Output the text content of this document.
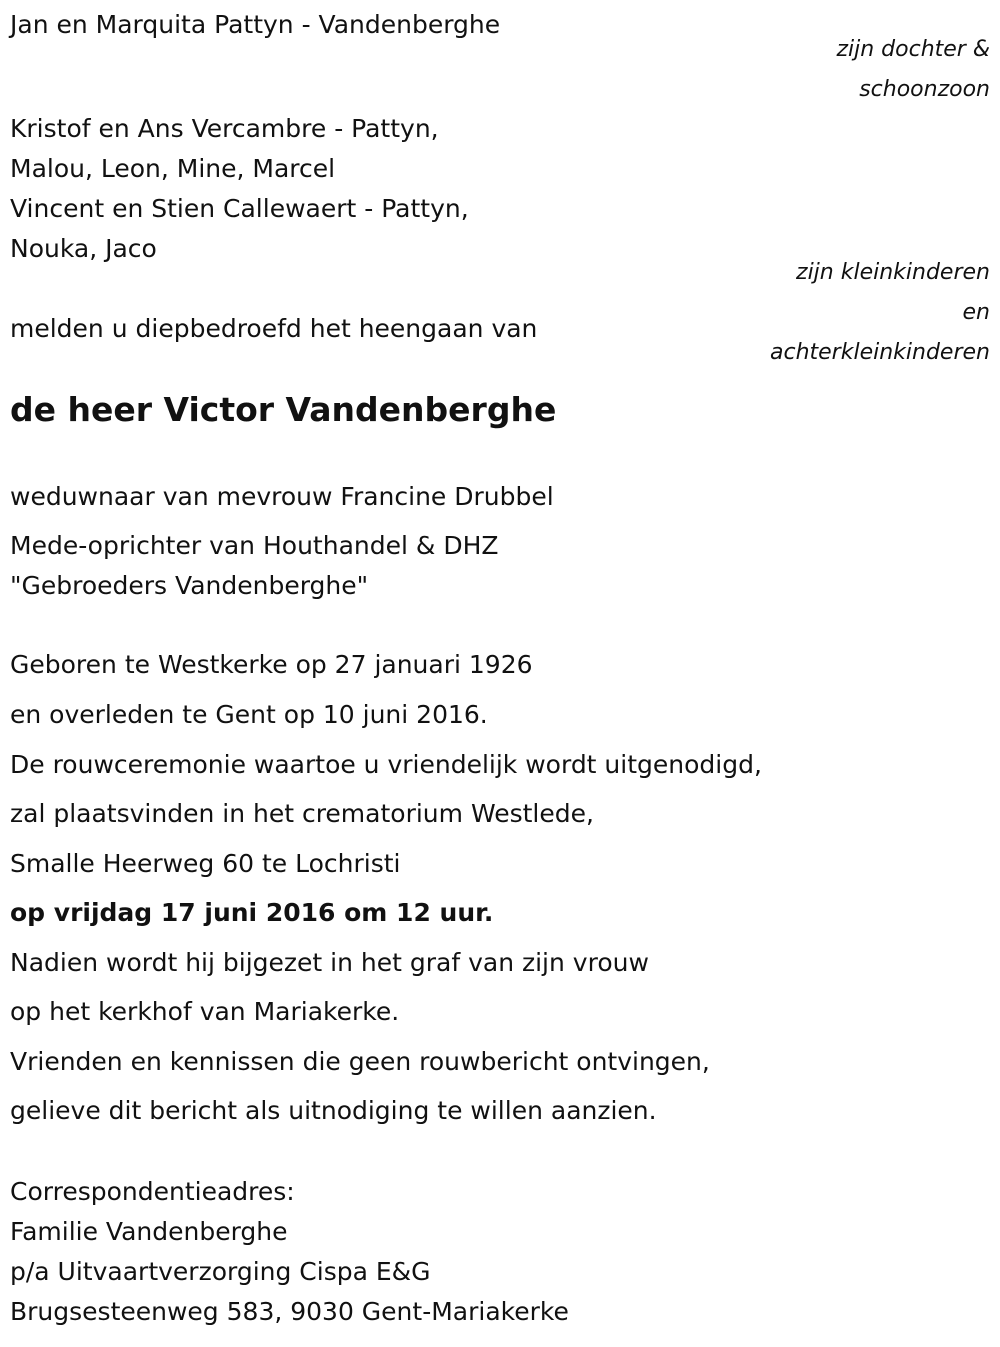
Jan en Marquita Pattyn - Vandenberghe

zijn dochter &

schoonzoon

Kristof en Ans Vercambre - Pattyn,

Malou, Leon, Mine, Marcel

Vincent en Stien Callewaert - Pattyn,

Nouka, Jaco

zijn kleinkinderen

en

achterkleinkinderen

melden u diepbedroefd het heengaan van

de heer Victor Vandenberghe

weduwnaar van mevrouw Francine Drubbel

Mede-oprichter van Houthandel & DHZ

"Gebroeders Vandenberghe"

Geboren te Westkerke op 27 januari 1926

en overleden te Gent op 10 juni 2016.

De rouwceremonie waartoe u vriendelijk wordt uitgenodigd,

zal plaatsvinden in het crematorium Westlede,

Smalle Heerweg 60 te Lochristi

op vrijdag 17 juni 2016 om 12 uur.

Nadien wordt hij bijgezet in het graf van zijn vrouw

op het kerkhof van Mariakerke.

Vrienden en kennissen die geen rouwbericht ontvingen,

gelieve dit bericht als uitnodiging te willen aanzien.

Correspondentieadres:

Familie Vandenberghe

p/a Uitvaartverzorging Cispa E&G

Brugsesteenweg 583, 9030 Gent-Mariakerke
